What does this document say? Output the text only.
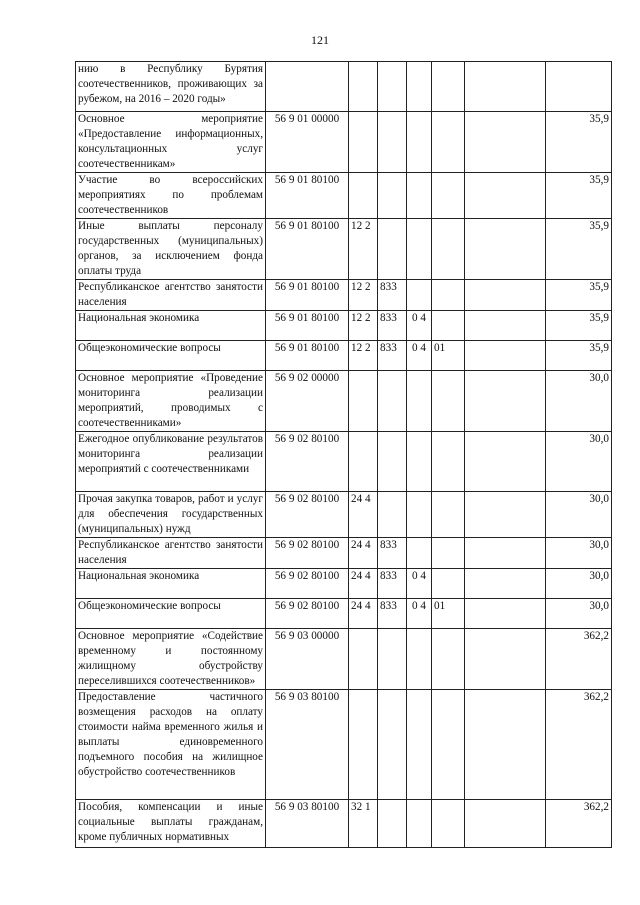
121
нию в Республику Бурятия соотечественников, проживающих за рубежом, на 2016 – 2020 годы»							
Основное мероприятие «Предоставление информационных, консультационных услуг соотечественникам»	56 9 01 00000						35,9
Участие во всероссийских мероприятиях по проблемам соотечественников	56 9 01 80100						35,9
Иные выплаты персоналу государственных (муниципальных) органов, за исключением фонда оплаты труда	56 9 01 80100	12 2					35,9
Республиканское агентство занятости населения	56 9 01 80100	12 2	833				35,9
Национальная экономика	56 9 01 80100	12 2	833	0 4			35,9
Общеэкономические вопросы	56 9 01 80100	12 2	833	0 4	01		35,9
Основное мероприятие «Проведение мониторинга реализации мероприятий, проводимых с соотечественниками»	56 9 02 00000						30,0
Ежегодное опубликование результатов мониторинга реализации мероприятий с соотечественниками	56 9 02 80100						30,0
Прочая закупка товаров, работ и услуг для обеспечения государственных (муниципальных) нужд	56 9 02 80100	24 4					30,0
Республиканское агентство занятости населения	56 9 02 80100	24 4	833				30,0
Национальная экономика	56 9 02 80100	24 4	833	0 4			30,0
Общеэкономические вопросы	56 9 02 80100	24 4	833	0 4	01		30,0
Основное мероприятие «Содействие временному и постоянному жилищному обустройству переселившихся соотечественников»	56 9 03 00000						362,2
Предоставление частичного возмещения расходов на оплату стоимости найма временного жилья и выплаты единовременного подъемного пособия на жилищное обустройство соотечественников	56 9 03 80100						362,2
Пособия, компенсации и иные социальные выплаты гражданам, кроме публичных нормативных	56 9 03 80100	32 1					362,2
